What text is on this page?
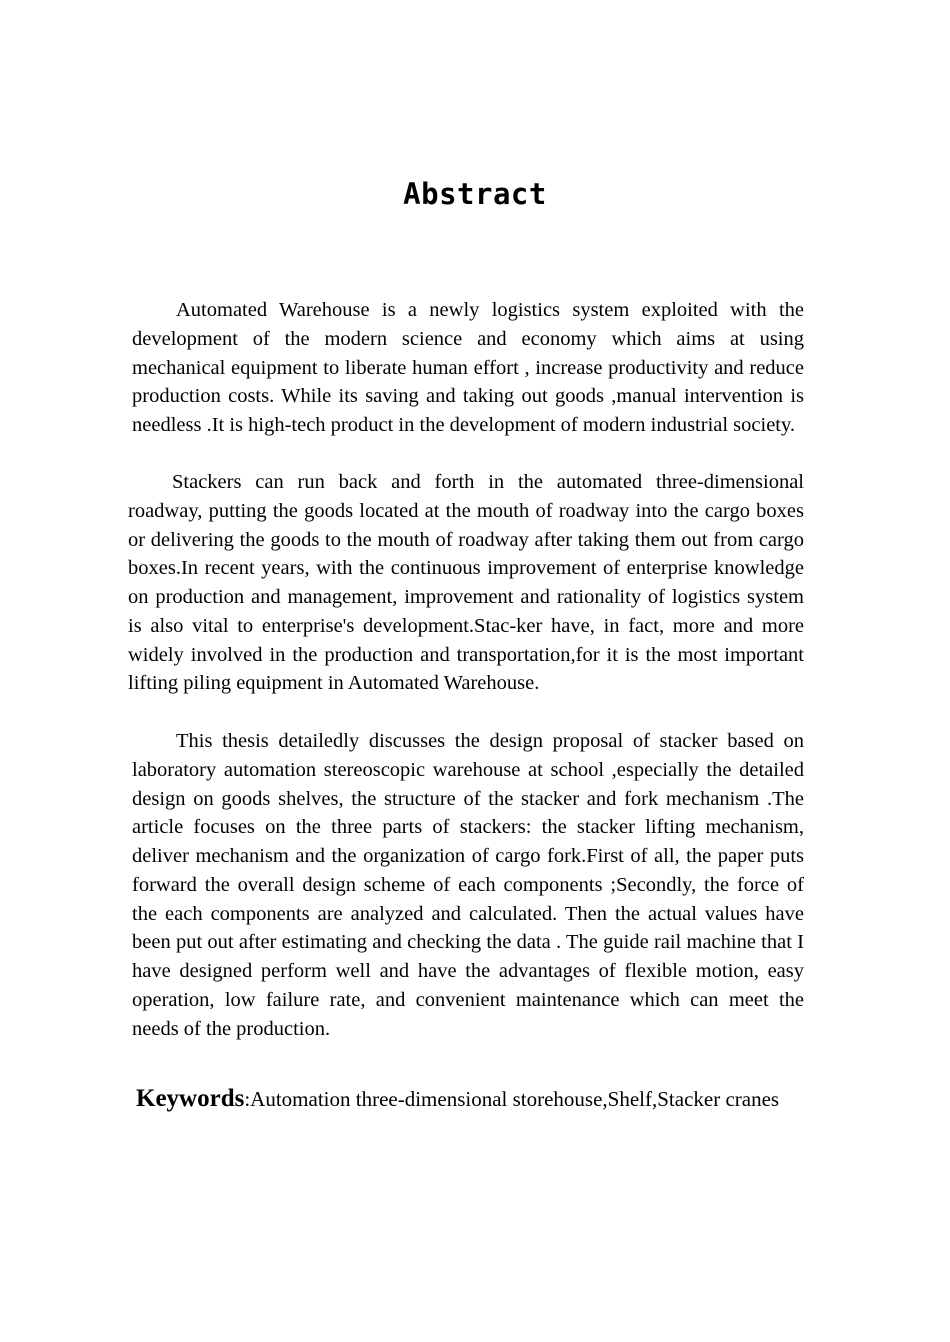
Abstract

Automated Warehouse is a newly logistics system exploited with the development of the modern science and economy which aims at using mechanical equipment to liberate human effort , increase productivity and reduce production costs. While its saving and taking out goods ,manual intervention is needless .It is high-tech product in the development of modern industrial society.

Stackers can run back and forth in the automated three-dimensional roadway, putting the goods located at the mouth of roadway into the cargo boxes or delivering the goods to the mouth of roadway after taking them out from cargo boxes.In recent years, with the continuous improvement of enterprise knowledge on production and management, improvement and rationality of logistics system is also vital to enterprise's development.Stac-ker have, in fact, more and more widely involved in the production and transportation,for it is the most important lifting piling equipment in Automated Warehouse.

This thesis detailedly discusses the design proposal of stacker based on laboratory automation stereoscopic warehouse at school ,especially the detailed design on goods shelves, the structure of the stacker and fork mechanism .The article focuses on the three parts of stackers: the stacker lifting mechanism, deliver mechanism and the organization of cargo fork.First of all, the paper puts forward the overall design scheme of each components ;Secondly, the force of the each components are analyzed and calculated. Then the actual values have been put out after estimating and checking the data . The guide rail machine that I have designed perform well and have the advantages of flexible motion, easy operation, low failure rate, and convenient maintenance which can meet the needs of the production.

Keywords:Automation three-dimensional storehouse,Shelf,Stacker cranes
